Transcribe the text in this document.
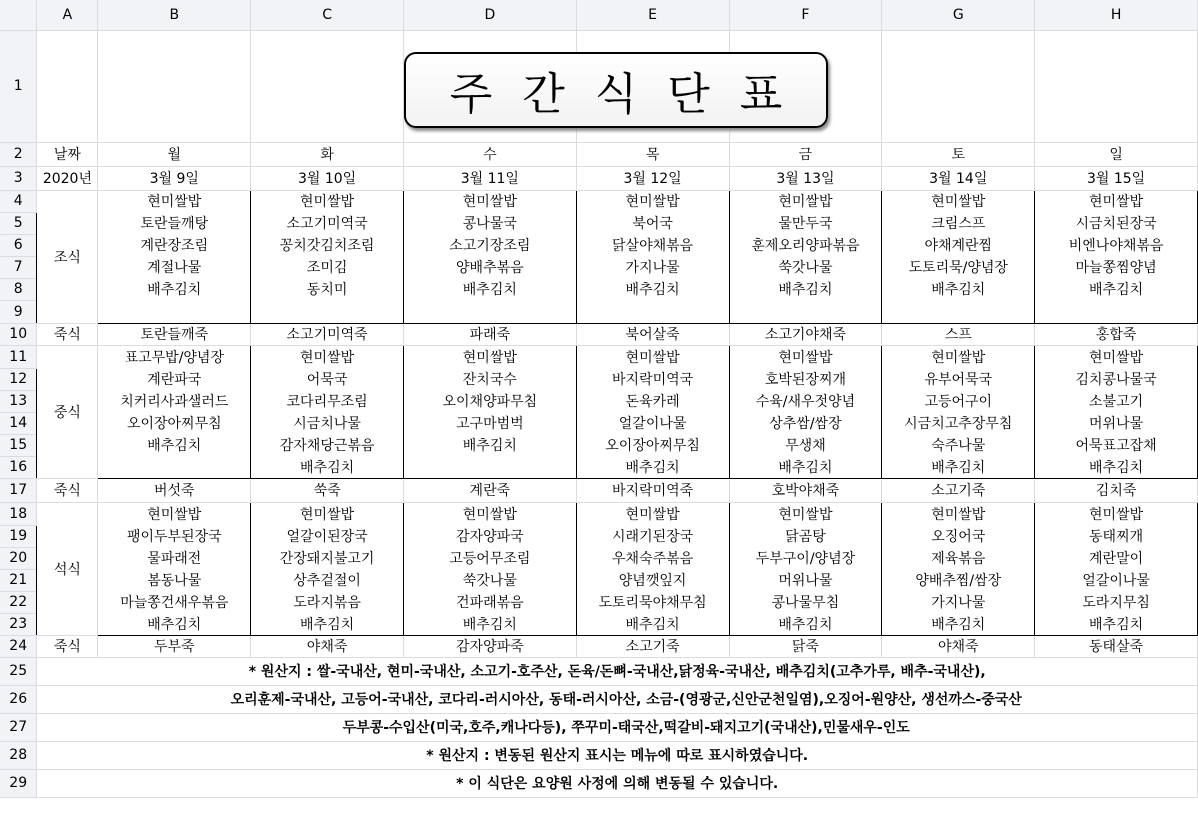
	A	B	C	D	E	F	G	H
1								
2	날짜	월	화	수	목	금	토	일
3	2020년	3월 9일	3월 10일	3월 11일	3월 12일	3월 13일	3월 14일	3월 15일
4	조식	현미쌀밥	현미쌀밥	현미쌀밥	현미쌀밥	현미쌀밥	현미쌀밥	현미쌀밥
5		토란들깨탕	소고기미역국	콩나물국	북어국	물만두국	크림스프	시금치된장국
6		계란장조림	꽁치갓김치조림	소고기장조림	닭살야채볶음	훈제오리양파볶음	야채계란찜	비엔나야채볶음
7		계절나물	조미김	양배추볶음	가지나물	쑥갓나물	도토리묵/양념장	마늘쫑찜양념
8		배추김치	동치미	배추김치	배추김치	배추김치	배추김치	배추김치
9								
10	죽식	토란들깨죽	소고기미역죽	파래죽	북어살죽	소고기야채죽	스프	홍합죽
11	중식	표고무밥/양념장	현미쌀밥	현미쌀밥	현미쌀밥	현미쌀밥	현미쌀밥	현미쌀밥
12		계란파국	어묵국	잔치국수	바지락미역국	호박된장찌개	유부어묵국	김치콩나물국
13		치커리사과샐러드	코다리무조림	오이채양파무침	돈육카레	수육/새우젓양념	고등어구이	소불고기
14		오이장아찌무침	시금치나물	고구마범벅	얼갈이나물	상추쌈/쌈장	시금치고추장무침	머위나물
15		배추김치	감자채당근볶음	배추김치	오이장아찌무침	무생채	숙주나물	어묵표고잡채
16			배추김치		배추김치	배추김치	배추김치	배추김치
17	죽식	버섯죽	쑥죽	계란죽	바지락미역죽	호박야채죽	소고기죽	김치죽
18	석식	현미쌀밥	현미쌀밥	현미쌀밥	현미쌀밥	현미쌀밥	현미쌀밥	현미쌀밥
19		팽이두부된장국	얼갈이된장국	감자양파국	시래기된장국	닭곰탕	오징어국	동태찌개
20		물파래전	간장돼지불고기	고등어무조림	우채숙주볶음	두부구이/양념장	제육볶음	계란말이
21		봄동나물	상추겉절이	쑥갓나물	양념깻잎지	머위나물	양배추찜/쌈장	얼갈이나물
22		마늘쫑건새우볶음	도라지볶음	건파래볶음	도토리묵야채무침	콩나물무침	가지나물	도라지무침
23		배추김치	배추김치	배추김치	배추김치	배추김치	배추김치	배추김치
24	죽식	두부죽	야채죽	감자양파죽	소고기죽	닭죽	야채죽	동태살죽
25	* 원산지 : 쌀-국내산, 현미-국내산, 소고기-호주산, 돈육/돈뼈-국내산,닭정육-국내산, 배추김치(고추가루, 배추-국내산),							
26	오리훈제-국내산, 고등어-국내산, 코다리-러시아산, 동태-러시아산, 소금-(영광군,신안군천일염),오징어-원양산, 생선까스-중국산							
27	두부콩-수입산(미국,호주,캐나다등), 쭈꾸미-태국산,떡갈비-돼지고기(국내산),민물새우-인도							
28	* 원산지 : 변동된 원산지 표시는 메뉴에 따로 표시하였습니다.							
29	* 이 식단은 요양원 사정에 의해 변동될 수 있습니다.							
주간식단표
